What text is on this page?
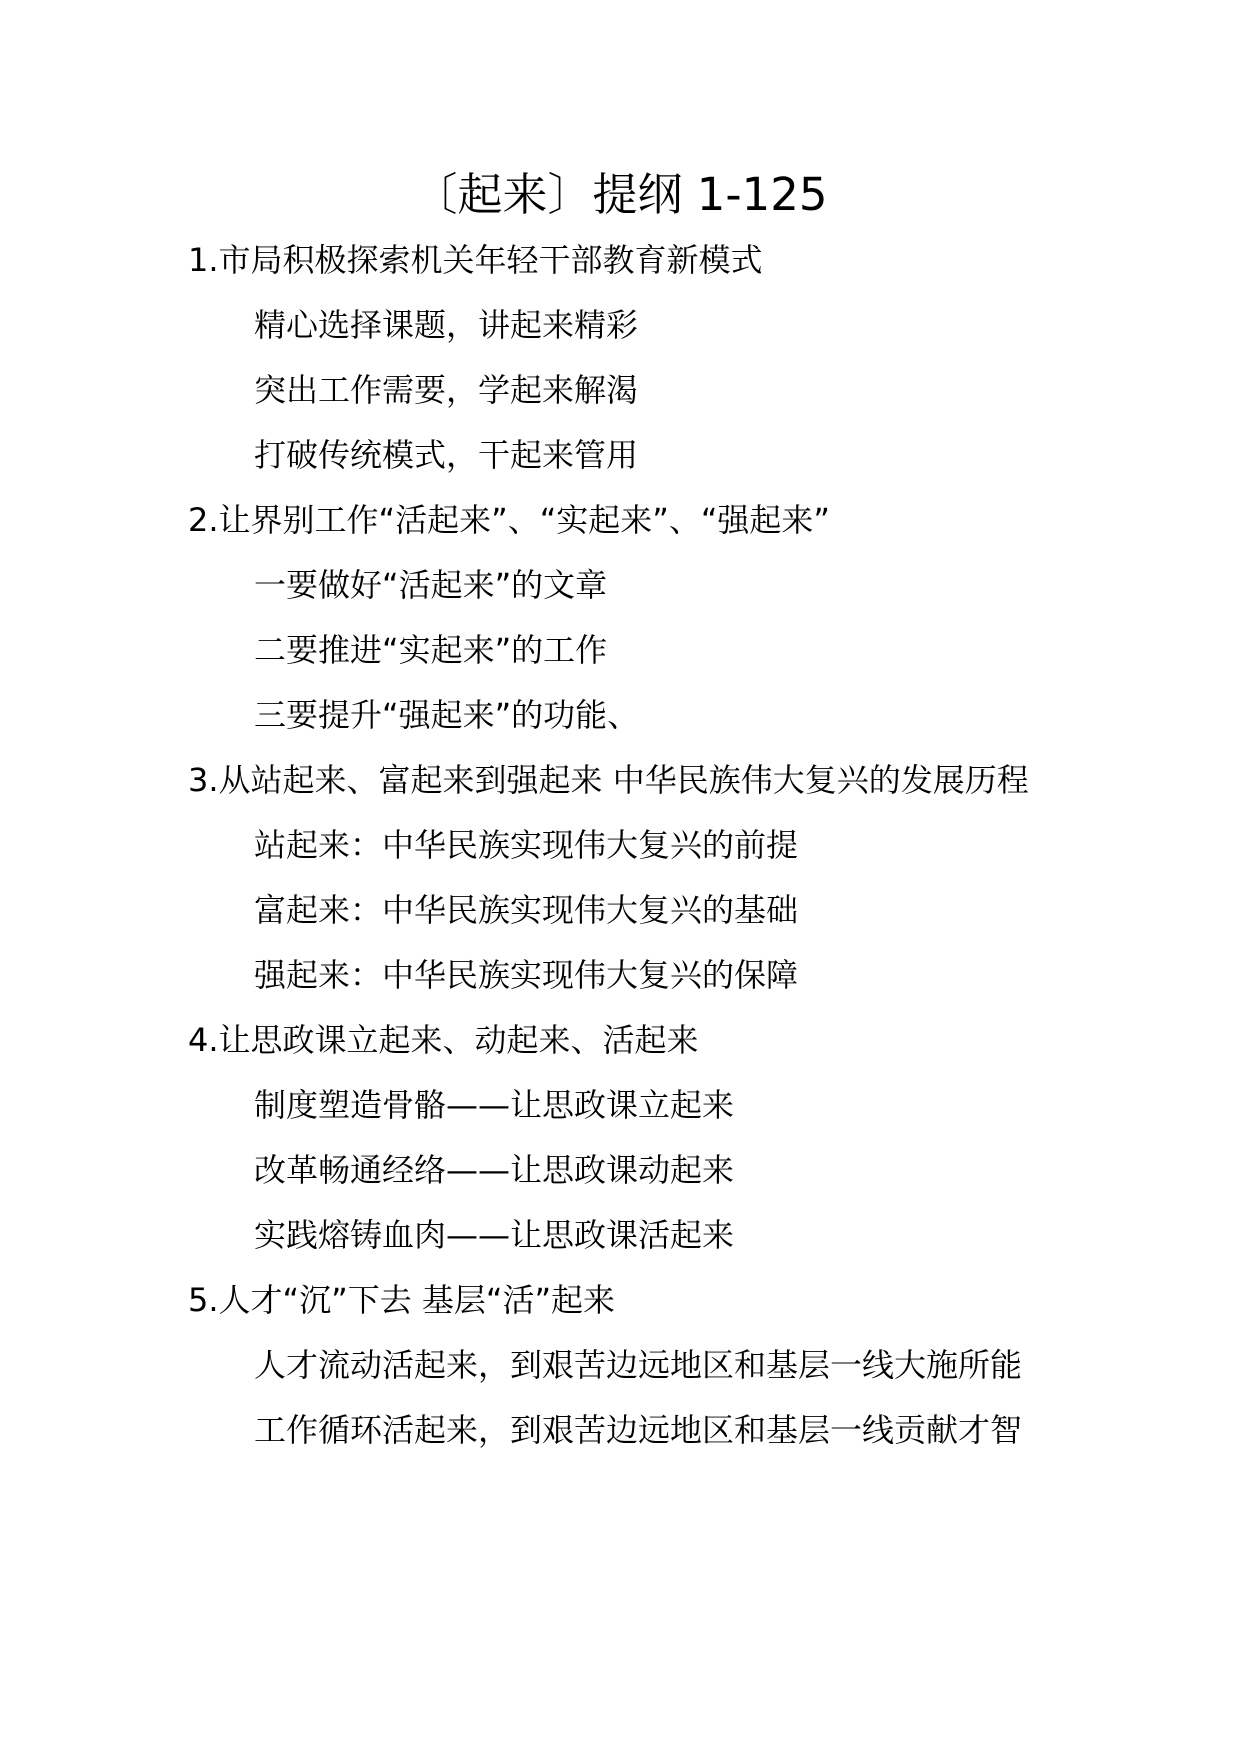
〔起来〕提纲 1-125
1.市局积极探索机关年轻干部教育新模式
精心选择课题，讲起来精彩
突出工作需要，学起来解渴
打破传统模式，干起来管用
2.让界别工作“活起来”、“实起来”、“强起来”
一要做好“活起来”的文章
二要推进“实起来”的工作
三要提升“强起来”的功能、
3.从站起来、富起来到强起来 中华民族伟大复兴的发展历程
站起来：中华民族实现伟大复兴的前提
富起来：中华民族实现伟大复兴的基础
强起来：中华民族实现伟大复兴的保障
4.让思政课立起来、动起来、活起来
制度塑造骨骼——让思政课立起来
改革畅通经络——让思政课动起来
实践熔铸血肉——让思政课活起来
5.人才“沉”下去 基层“活”起来
人才流动活起来，到艰苦边远地区和基层一线大施所能
工作循环活起来，到艰苦边远地区和基层一线贡献才智
